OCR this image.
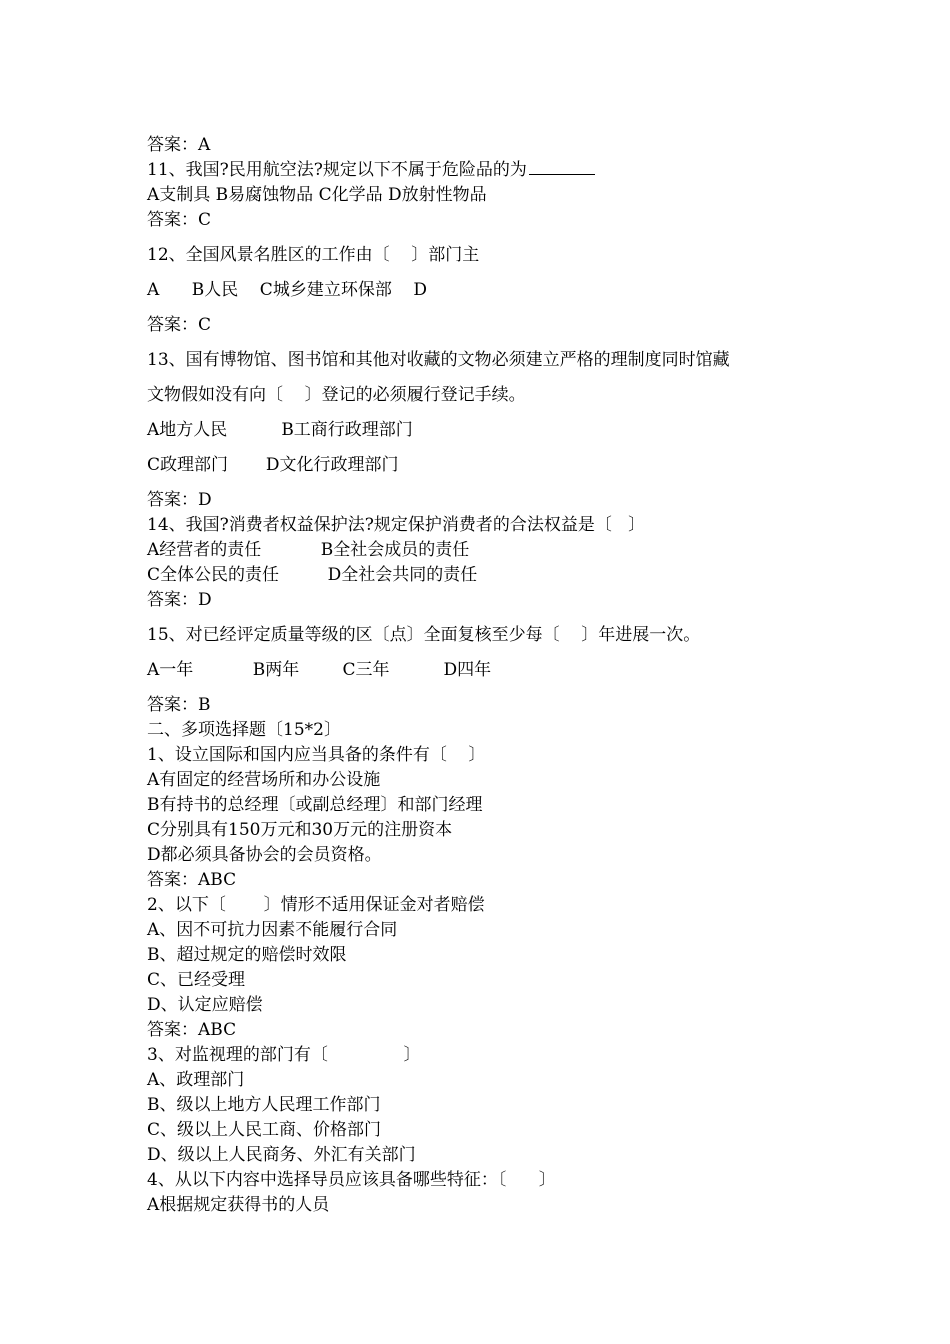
答案：A

11、我国?民用航空法?规定以下不属于危险品的为

A支制具 B易腐蚀物品 C化学品 D放射性物品

答案：C

12、全国风景名胜区的工作由〔    〕部门主

A      B人民    C城乡建立环保部    D

答案：C

13、国有博物馆、图书馆和其他对收藏的文物必须建立严格的理制度同时馆藏

文物假如没有向〔    〕登记的必须履行登记手续。

A地方人民          B工商行政理部门

C政理部门       D文化行政理部门

答案：D

14、我国?消费者权益保护法?规定保护消费者的合法权益是〔   〕

A经营者的责任           B全社会成员的责任

C全体公民的责任         D全社会共同的责任

答案：D

15、对已经评定质量等级的区〔点〕全面复核至少每〔    〕年进展一次。

A一年           B两年        C三年          D四年

答案：B

二、多项选择题〔15*2〕

1、设立国际和国内应当具备的条件有〔    〕

A有固定的经营场所和办公设施

B有持书的总经理〔或副总经理〕和部门经理

C分别具有150万元和30万元的注册资本

D都必须具备协会的会员资格。

答案：ABC

2、以下〔       〕情形不适用保证金对者赔偿

A、因不可抗力因素不能履行合同

B、超过规定的赔偿时效限

C、已经受理

D、认定应赔偿

答案：ABC

3、对监视理的部门有〔              〕

A、政理部门

B、级以上地方人民理工作部门

C、级以上人民工商、价格部门

D、级以上人民商务、外汇有关部门

4、从以下内容中选择导员应该具备哪些特征：〔      〕

A根据规定获得书的人员
